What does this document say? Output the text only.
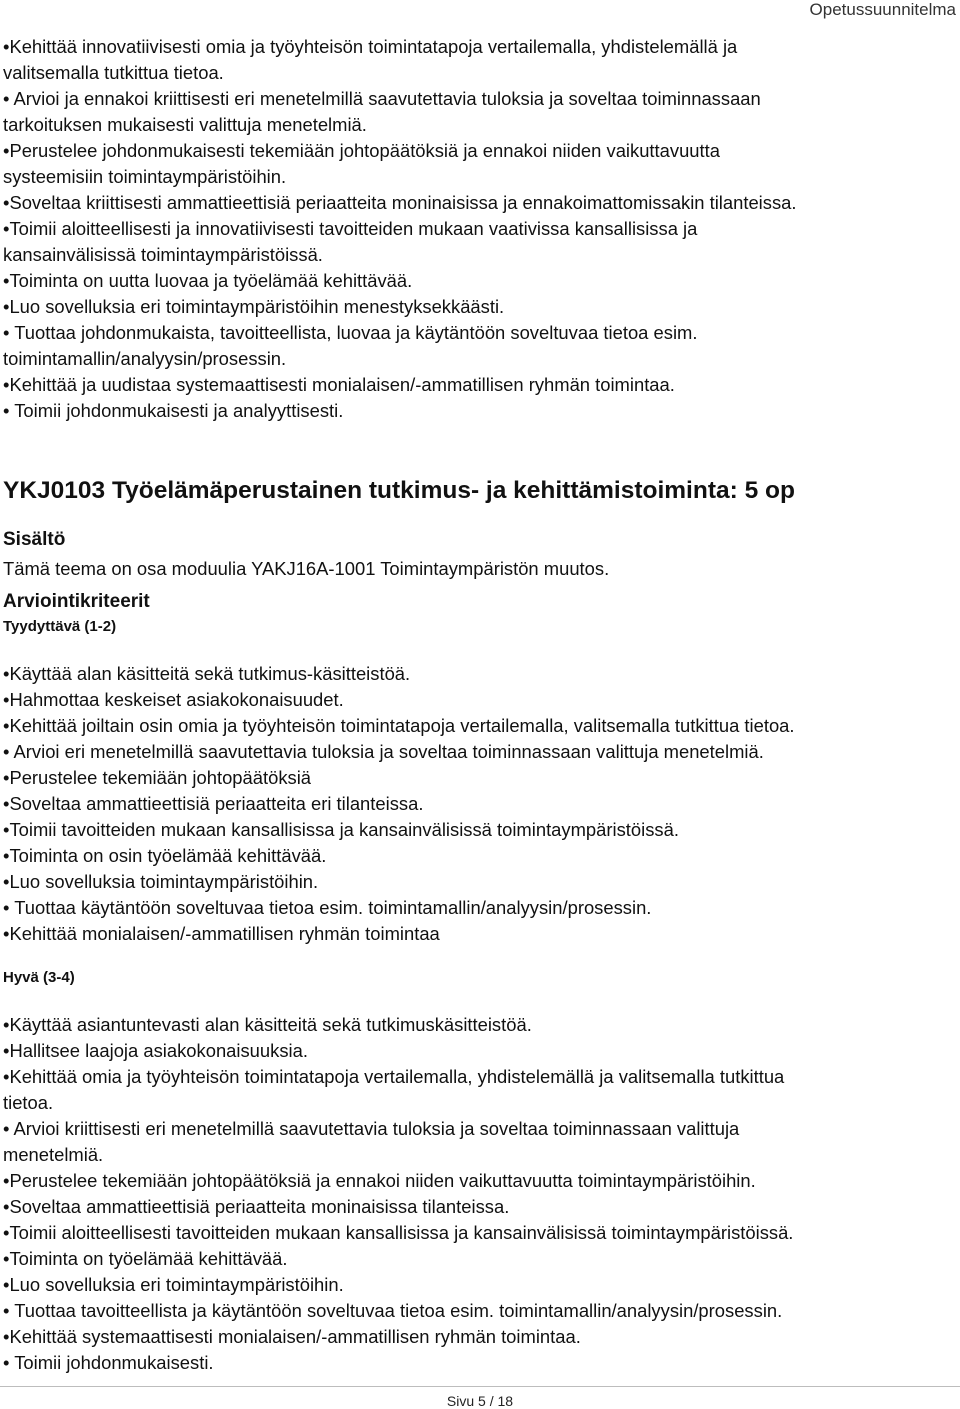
Opetussuunnitelma

•Kehittää innovatiivisesti omia ja työyhteisön toimintatapoja vertailemalla, yhdistelemällä ja

valitsemalla tutkittua tietoa.

• Arvioi ja ennakoi kriittisesti eri menetelmillä saavutettavia tuloksia ja soveltaa toiminnassaan

tarkoituksen mukaisesti valittuja menetelmiä.

•Perustelee johdonmukaisesti tekemiään johtopäätöksiä ja ennakoi niiden vaikuttavuutta

systeemisiin toimintaympäristöihin.

•Soveltaa kriittisesti ammattieettisiä periaatteita moninaisissa ja ennakoimattomissakin tilanteissa.

•Toimii aloitteellisesti ja innovatiivisesti tavoitteiden mukaan vaativissa kansallisissa ja

kansainvälisissä toimintaympäristöissä.

•Toiminta on uutta luovaa ja työelämää kehittävää.

•Luo sovelluksia eri toimintaympäristöihin menestyksekkäästi.

• Tuottaa johdonmukaista, tavoitteellista, luovaa ja käytäntöön soveltuvaa tietoa esim.

toimintamallin/analyysin/prosessin.

•Kehittää ja uudistaa systemaattisesti monialaisen/-ammatillisen ryhmän toimintaa.

• Toimii johdonmukaisesti ja analyyttisesti.

YKJ0103 Työelämäperustainen tutkimus- ja kehittämistoiminta: 5 op
Sisältö

Tämä teema on osa moduulia YAKJ16A-1001 Toimintaympäristön muutos.

Arviointikriteerit
Tyydyttävä (1-2)

•Käyttää alan käsitteitä sekä tutkimus-käsitteistöä.

•Hahmottaa keskeiset asiakokonaisuudet.

•Kehittää joiltain osin omia ja työyhteisön toimintatapoja vertailemalla, valitsemalla tutkittua tietoa.

• Arvioi eri menetelmillä saavutettavia tuloksia ja soveltaa toiminnassaan valittuja menetelmiä.

•Perustelee tekemiään johtopäätöksiä

•Soveltaa ammattieettisiä periaatteita eri tilanteissa.

•Toimii tavoitteiden mukaan kansallisissa ja kansainvälisissä toimintaympäristöissä.

•Toiminta on osin työelämää kehittävää.

•Luo sovelluksia toimintaympäristöihin.

• Tuottaa käytäntöön soveltuvaa tietoa esim. toimintamallin/analyysin/prosessin.

•Kehittää monialaisen/-ammatillisen ryhmän toimintaa

Hyvä (3-4)

•Käyttää asiantuntevasti alan käsitteitä sekä tutkimuskäsitteistöä.

•Hallitsee laajoja asiakokonaisuuksia.

•Kehittää omia ja työyhteisön toimintatapoja vertailemalla, yhdistelemällä ja valitsemalla tutkittua

tietoa.

• Arvioi kriittisesti eri menetelmillä saavutettavia tuloksia ja soveltaa toiminnassaan valittuja

menetelmiä.

•Perustelee tekemiään johtopäätöksiä ja ennakoi niiden vaikuttavuutta toimintaympäristöihin.

•Soveltaa ammattieettisiä periaatteita moninaisissa tilanteissa.

•Toimii aloitteellisesti tavoitteiden mukaan kansallisissa ja kansainvälisissä toimintaympäristöissä.

•Toiminta on työelämää kehittävää.

•Luo sovelluksia eri toimintaympäristöihin.

• Tuottaa tavoitteellista ja käytäntöön soveltuvaa tietoa esim. toimintamallin/analyysin/prosessin.

•Kehittää systemaattisesti monialaisen/-ammatillisen ryhmän toimintaa.

• Toimii johdonmukaisesti.

Sivu 5 / 18
